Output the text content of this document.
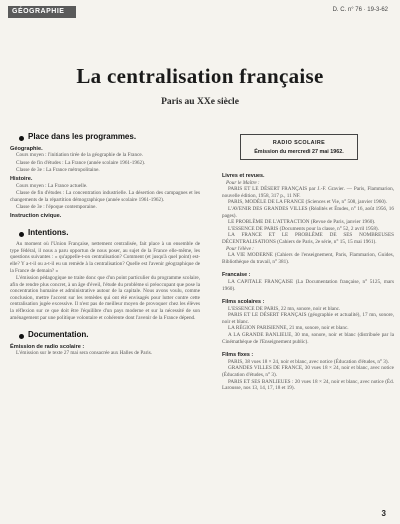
GÉOGRAPHIE	D. C. n° 76 · 19-3-62
La centralisation française
Paris au XXe siècle
Place dans les programmes.
Géographie.
Cours moyen : l'initiation tirée de la géographie de la France.
Classe de fin d'études : La France (année scolaire 1961-1962).
Classe de 3e : La France métropolitaine.
Histoire.
Cours moyen : La France actuelle.
Classe de fin d'études : La concentration industrielle. La désertion des campagnes et les changements de la répartition démographique (année scolaire 1961-1962).
Classe de 3e : l'époque contemporaine.
Instruction civique.
Intentions.
Au moment où l'Union Française, nettement centralisée, fait place à un ensemble de type fédéral, il nous a paru opportun de nous poser, au sujet de la France elle-même, les questions suivantes : « qu'appelle-t-on centralisation? Comment (et jusqu'à quel point) est-elle? Y a-t-il ou a-t-il eu un remède à la centralisation? Quelle est l'avenir géographique de la France de demain? »
L'émission pédagogique ne traite donc que d'un point particulier du programme scolaire, afin de rendre plus concret, à un âge d'éveil, l'étude du problème si préoccupant que pose la concentration humaine et administrative autour de la capitale. Nous avons voulu, comme conclusion, mettre l'accent sur les remèdes qui ont été envisagés pour lutter contre cette centralisation jugée excessive. Il n'est pas de meilleur moyen de provoquer chez les élèves la réflexion sur ce que doit être l'équilibre d'un pays moderne et sur la nécessité de son aménagement par une politique volontaire et cohérente dont l'avenir de la France dépend.
Documentation.
Émission de radio scolaire :
L'émission sur le texte 27 mai sera consacrée aux Halles de Paris.
RADIO SCOLAIRE
Émission du mercredi 27 mai 1962.
Livres et revues.
Pour le Maître :
PARIS ET LE DÉSERT FRANÇAIS par J.-F. Gravier. — Paris, Flammarion, nouvelle édition, 1958, 317 p., 11 NF.
PARIS, MODÈLE DE LA FRANCE (Sciences et Vie, n° 508, janvier 1960).
L'AVENIR DES GRANDES VILLES (Réalités et Études, n° 16, août 1956, 16 pages).
LE PROBLÈME DE L'ATTRACTION (Revue de Paris, janvier 1960).
L'ESSENCE DE PARIS (Documents pour la classe, n° 52, 2 avril 1958).
LA FRANCE ET LE PROBLÈME DE SES NOMBREUSES DÉCENTRALISATIONS (Cahiers de Paris, 2e série, n° 15, 15 mai 1961).
Pour l'élève :
LA VIE MODERNE (Cahiers de l'enseignement, Paris, Flammarion, Guides, Bibliothèque du travail, n° 381).
Francaise :
LA CAPITALE FRANÇAISE (La Documentation française, n° 5125, mars 1960).
Films scolaires :
L'ESSENCE DE PARIS, 22 mn, sonore, noir et blanc.
PARIS ET LE DÉSERT FRANÇAIS (géographie et actualité), 17 mn, sonore, noir et blanc.
LA RÉGION PARISIENNE, 21 mn, sonore, noir et blanc.
A LA GRANDE BANLIEUE, 30 mn, sonore, noir et blanc (distribuée par la Cinémathèque de l'Enseignement public).
Films fixes :
PARIS, 38 vues 18 × 24, noir et blanc, avec notice (Éducation d'études, n° 3).
GRANDES VILLES DE FRANCE, 30 vues 18 × 24, noir et blanc, avec notice (Éducation d'études, n° 3).
PARIS ET SES BANLIEUES : 20 vues 18 × 24, noir et blanc, avec notice (Éd. Larousse, nos 13, 14, 17, 18 et 19).
3
